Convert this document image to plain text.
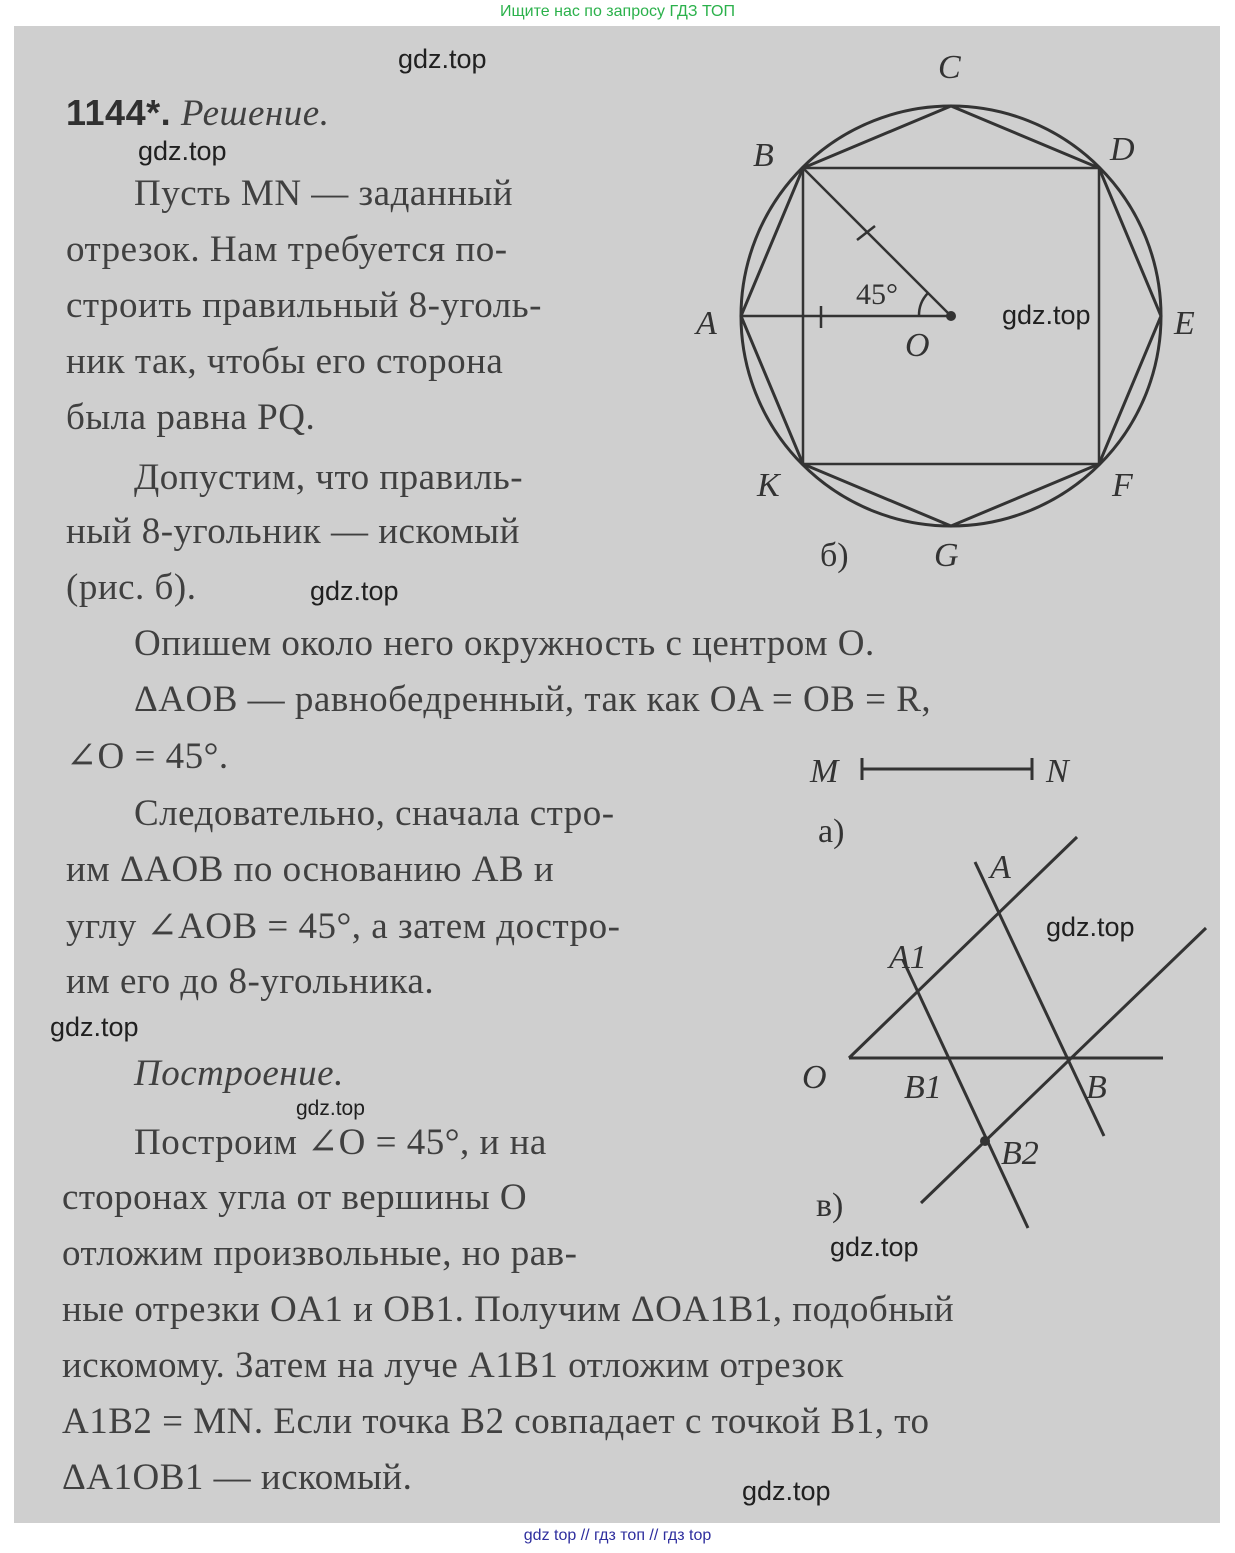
Ищите нас по запросу ГДЗ ТОП
1144*. Решение.
Пусть MN — заданный
отрезок. Нам требуется по-
строить правильный 8-уголь-
ник так, чтобы его сторона
была равна PQ.
Допустим, что правиль-
ный 8-угольник — искомый
(рис. б).
Опишем около него окружность с центром O.
ΔAOB — равнобедренный, так как OA = OB = R,
∠O = 45°.
Следовательно, сначала стро-
им ΔAOB по основанию AB и
углу ∠AOB = 45°, а затем достро-
им его до 8-угольника.
Построение.
Построим ∠O = 45°, и на
сторонах угла от вершины O
отложим произвольные, но рав-
ные отрезки OA1 и OB1. Получим ΔOA1B1, подобный
искомому. Затем на луче A1B1 отложим отрезок
A1B2 = MN. Если точка B2 совпадает с точкой B1, то
ΔA1OB1 — искомый.
C
B	D
A	E
O
K	F
G
45°
б)
M	N
а)
A
A1
O B1	B
B2
в)
gdz.top
gdz.top
gdz.top
gdz.top
gdz.top
gdz.top
gdz.top
gdz.top
gdz.top
gdz top // гдз топ // гдз top
